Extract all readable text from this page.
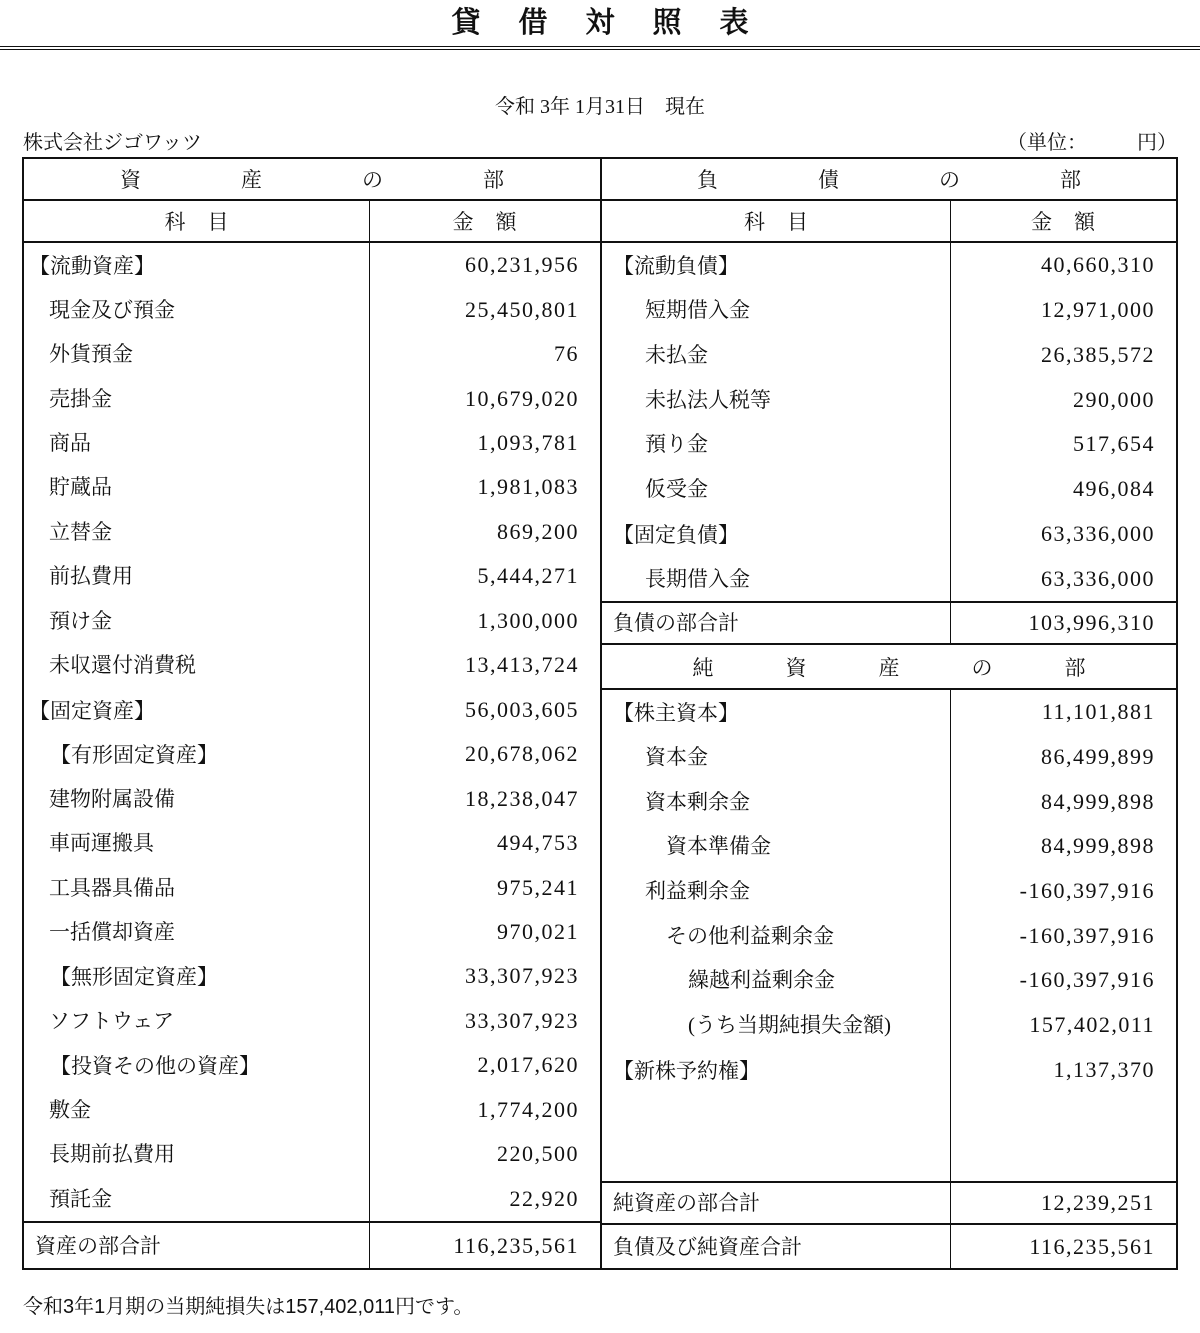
貸 借 対 照 表
令和 3年 1月31日　現在
株式会社ジゴワッツ	（単位：　　　円）
資	産	の	部
科 目	金 額
【流動資産】	60,231,956
現金及び預金	25,450,801
外貨預金	76
売掛金	10,679,020
商品	1,093,781
貯蔵品	1,981,083
立替金	869,200
前払費用	5,444,271
預け金	1,300,000
未収還付消費税	13,413,724
【固定資産】	56,003,605
【有形固定資産】	20,678,062
建物附属設備	18,238,047
車両運搬具	494,753
工具器具備品	975,241
一括償却資産	970,021
【無形固定資産】	33,307,923
ソフトウェア	33,307,923
【投資その他の資産】	2,017,620
敷金	1,774,200
長期前払費用	220,500
預託金	22,920
資産の部合計	116,235,561
負	債	の	部
科 目	金 額
【流動負債】	40,660,310
短期借入金	12,971,000
未払金	26,385,572
未払法人税等	290,000
預り金	517,654
仮受金	496,084
【固定負債】	63,336,000
長期借入金	63,336,000
負債の部合計	103,996,310
純	資	産	の	部
【株主資本】	11,101,881
資本金	86,499,899
資本剰余金	84,999,898
資本準備金	84,999,898
利益剰余金	-160,397,916
その他利益剰余金	-160,397,916
繰越利益剰余金	-160,397,916
(うち当期純損失金額)	157,402,011
【新株予約権】	1,137,370
純資産の部合計	12,239,251
負債及び純資産合計	116,235,561
令和3年1月期の当期純損失は157,402,011円です。
